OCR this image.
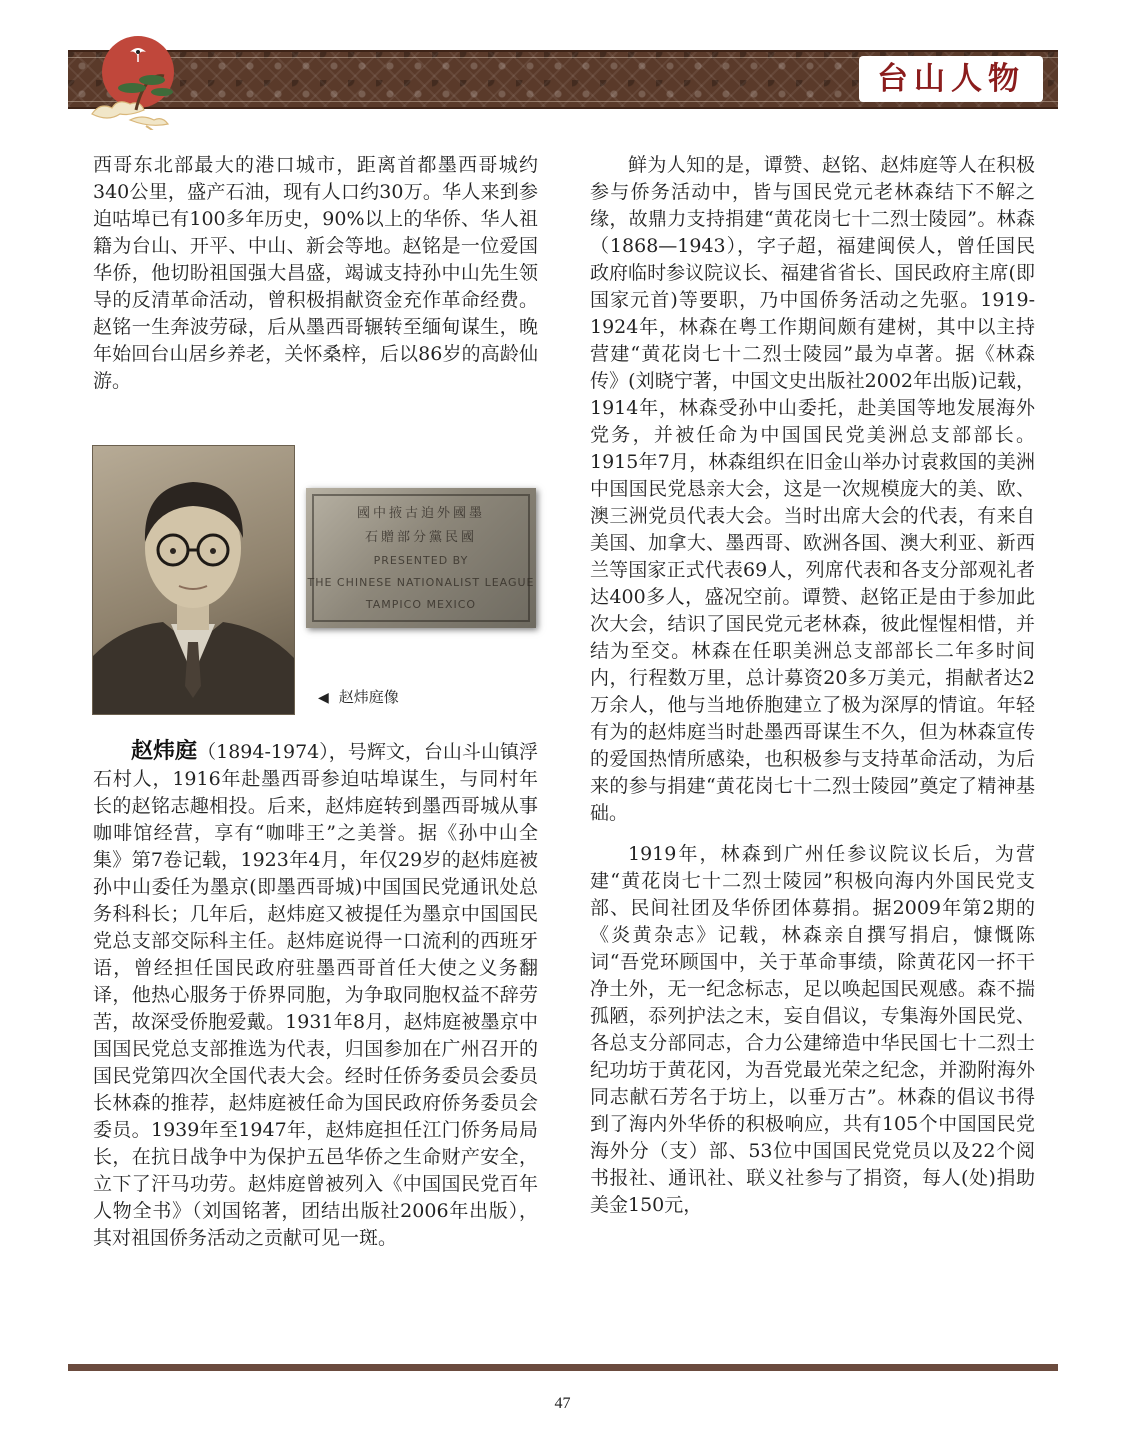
台山人物

西哥东北部最大的港口城市，距离首都墨西哥城约340公里，盛产石油，现有人口约30万。华人来到参迫咕埠已有100多年历史，90%以上的华侨、华人祖籍为台山、开平、中山、新会等地。赵铭是一位爱国华侨，他切盼祖国强大昌盛，竭诚支持孙中山先生领导的反清革命活动，曾积极捐献资金充作革命经费。赵铭一生奔波劳碌，后从墨西哥辗转至缅甸谋生，晚年始回台山居乡养老，关怀桑梓，后以86岁的高龄仙游。

國中掖古迫外國墨
石贈部分黨民國
PRESENTED BY
THE CHINESE NATIONALIST LEAGUE
TAMPICO MEXICO
◀ 赵炜庭像

赵炜庭（1894-1974），号辉文，台山斗山镇浮石村人，1916年赴墨西哥参迫咕埠谋生，与同村年长的赵铭志趣相投。后来，赵炜庭转到墨西哥城从事咖啡馆经营，享有“咖啡王”之美誉。据《孙中山全集》第7卷记载，1923年4月，年仅29岁的赵炜庭被孙中山委任为墨京(即墨西哥城)中国国民党通讯处总务科科长；几年后，赵炜庭又被提任为墨京中国国民党总支部交际科主任。赵炜庭说得一口流利的西班牙语，曾经担任国民政府驻墨西哥首任大使之义务翻译，他热心服务于侨界同胞，为争取同胞权益不辞劳苦，故深受侨胞爱戴。1931年8月，赵炜庭被墨京中国国民党总支部推选为代表，归国参加在广州召开的国民党第四次全国代表大会。经时任侨务委员会委员长林森的推荐，赵炜庭被任命为国民政府侨务委员会委员。1939年至1947年，赵炜庭担任江门侨务局局长，在抗日战争中为保护五邑华侨之生命财产安全，立下了汗马功劳。赵炜庭曾被列入《中国国民党百年人物全书》（刘国铭著，团结出版社2006年出版），其对祖国侨务活动之贡献可见一斑。

鲜为人知的是，谭赞、赵铭、赵炜庭等人在积极参与侨务活动中，皆与国民党元老林森结下不解之缘，故鼎力支持捐建“黄花岗七十二烈士陵园”。林森（1868—1943），字子超，福建闽侯人，曾任国民政府临时参议院议长、福建省省长、国民政府主席(即国家元首)等要职，乃中国侨务活动之先驱。1919-1924年，林森在粤工作期间颇有建树，其中以主持营建“黄花岗七十二烈士陵园”最为卓著。据《林森传》(刘晓宁著，中国文史出版社2002年出版)记载，1914年，林森受孙中山委托，赴美国等地发展海外党务，并被任命为中国国民党美洲总支部部长。1915年7月，林森组织在旧金山举办讨袁救国的美洲中国国民党恳亲大会，这是一次规模庞大的美、欧、澳三洲党员代表大会。当时出席大会的代表，有来自美国、加拿大、墨西哥、欧洲各国、澳大利亚、新西兰等国家正式代表69人，列席代表和各支分部观礼者达400多人，盛况空前。谭赞、赵铭正是由于参加此次大会，结识了国民党元老林森，彼此惺惺相惜，并结为至交。林森在任职美洲总支部部长二年多时间内，行程数万里，总计募资20多万美元，捐献者达2万余人，他与当地侨胞建立了极为深厚的情谊。年轻有为的赵炜庭当时赴墨西哥谋生不久，但为林森宣传的爱国热情所感染，也积极参与支持革命活动，为后来的参与捐建“黄花岗七十二烈士陵园”奠定了精神基础。

1919年，林森到广州任参议院议长后，为营建“黄花岗七十二烈士陵园”积极向海内外国民党支部、民间社团及华侨团体募捐。据2009年第2期的《炎黄杂志》记载，林森亲自撰写捐启，慷慨陈词“吾党环顾国中，关于革命事绩，除黄花冈一抔干净土外，无一纪念标志，足以唤起国民观感。森不揣孤陋，忝列护法之末，妄自倡议，专集海外国民党、各总支分部同志，合力公建缔造中华民国七十二烈士纪功坊于黄花冈，为吾党最光荣之纪念，并泐附海外同志献石芳名于坊上，以垂万古”。林森的倡议书得到了海内外华侨的积极响应，共有105个中国国民党海外分（支）部、53位中国国民党党员以及22个阅书报社、通讯社、联义社参与了捐资，每人(处)捐助美金150元，

47
